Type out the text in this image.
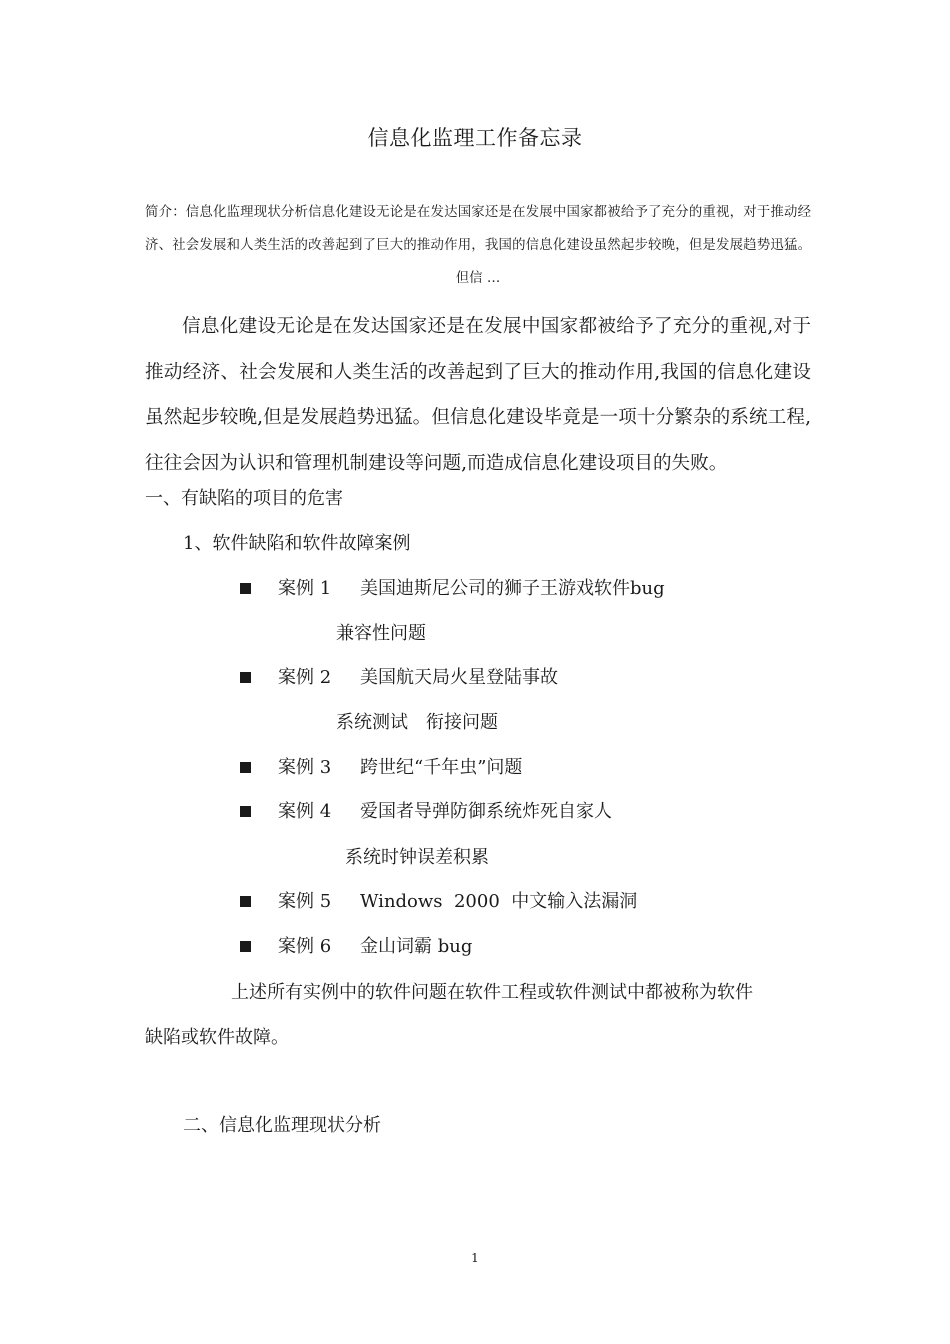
信息化监理工作备忘录
简介：信息化监理现状分析信息化建设无论是在发达国家还是在发展中国家都被给予了充分的重视，对于推动经济、社会发展和人类生活的改善起到了巨大的推动作用，我国的信息化建设虽然起步较晚，但是发展趋势迅猛。但信 …
信息化建设无论是在发达国家还是在发展中国家都被给予了充分的重视,对于推动经济、社会发展和人类生活的改善起到了巨大的推动作用,我国的信息化建设虽然起步较晚,但是发展趋势迅猛。但信息化建设毕竟是一项十分繁杂的系统工程,往往会因为认识和管理机制建设等问题,而造成信息化建设项目的失败。
一、有缺陷的项目的危害
1、软件缺陷和软件故障案例
案例 1 美国迪斯尼公司的狮子王游戏软件bug
兼容性问题
案例 2 美国航天局火星登陆事故
系统测试　衔接问题
案例 3 跨世纪“千年虫”问题
案例 4 爱国者导弹防御系统炸死自家人
系统时钟误差积累
案例 5 Windows  2000  中文输入法漏洞
案例 6 金山词霸 bug
上述所有实例中的软件问题在软件工程或软件测试中都被称为软件
缺陷或软件故障。
二、信息化监理现状分析
1
